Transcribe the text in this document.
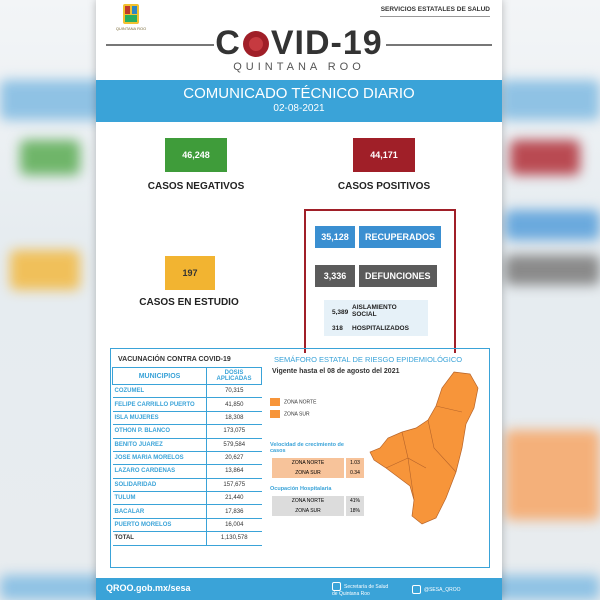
QUINTANA ROO
SERVICIOS ESTATALES DE SALUD
C VID-19
QUINTANA ROO
COMUNICADO TÉCNICO DIARIO
02-08-2021
46,248
CASOS NEGATIVOS
44,171
CASOS POSITIVOS
197
CASOS EN ESTUDIO
35,128	RECUPERADOS
3,336	DEFUNCIONES
5,389
AISLAMIENTO SOCIAL
318 HOSPITALIZADOS
VACUNACIÓN CONTRA COVID-19
MUNICIPIOS	DOSIS APLICADAS
COZUMEL	70,315
FELIPE CARRILLO PUERTO	41,850
ISLA MUJERES	18,308
OTHON P. BLANCO	173,075
BENITO JUAREZ	579,584
JOSE MARIA MORELOS	20,627
LAZARO CARDENAS	13,864
SOLIDARIDAD	157,675
TULUM	21,440
BACALAR	17,836
PUERTO MORELOS	16,004
TOTAL	1,130,578
SEMÁFORO ESTATAL DE RIESGO EPIDEMIOLÓGICO
Vigente hasta el 08 de agosto del 2021
ZONA NORTE
ZONA SUR
Velocidad de crecimiento de casos
ZONA NORTE	1.03
ZONA SUR	0.34
Ocupación Hospitalaria
ZONA NORTE	41%
ZONA SUR	18%
QROO.gob.mx/sesa	Secretaría de Salud de Quintana Roo
@SESA_QROO
